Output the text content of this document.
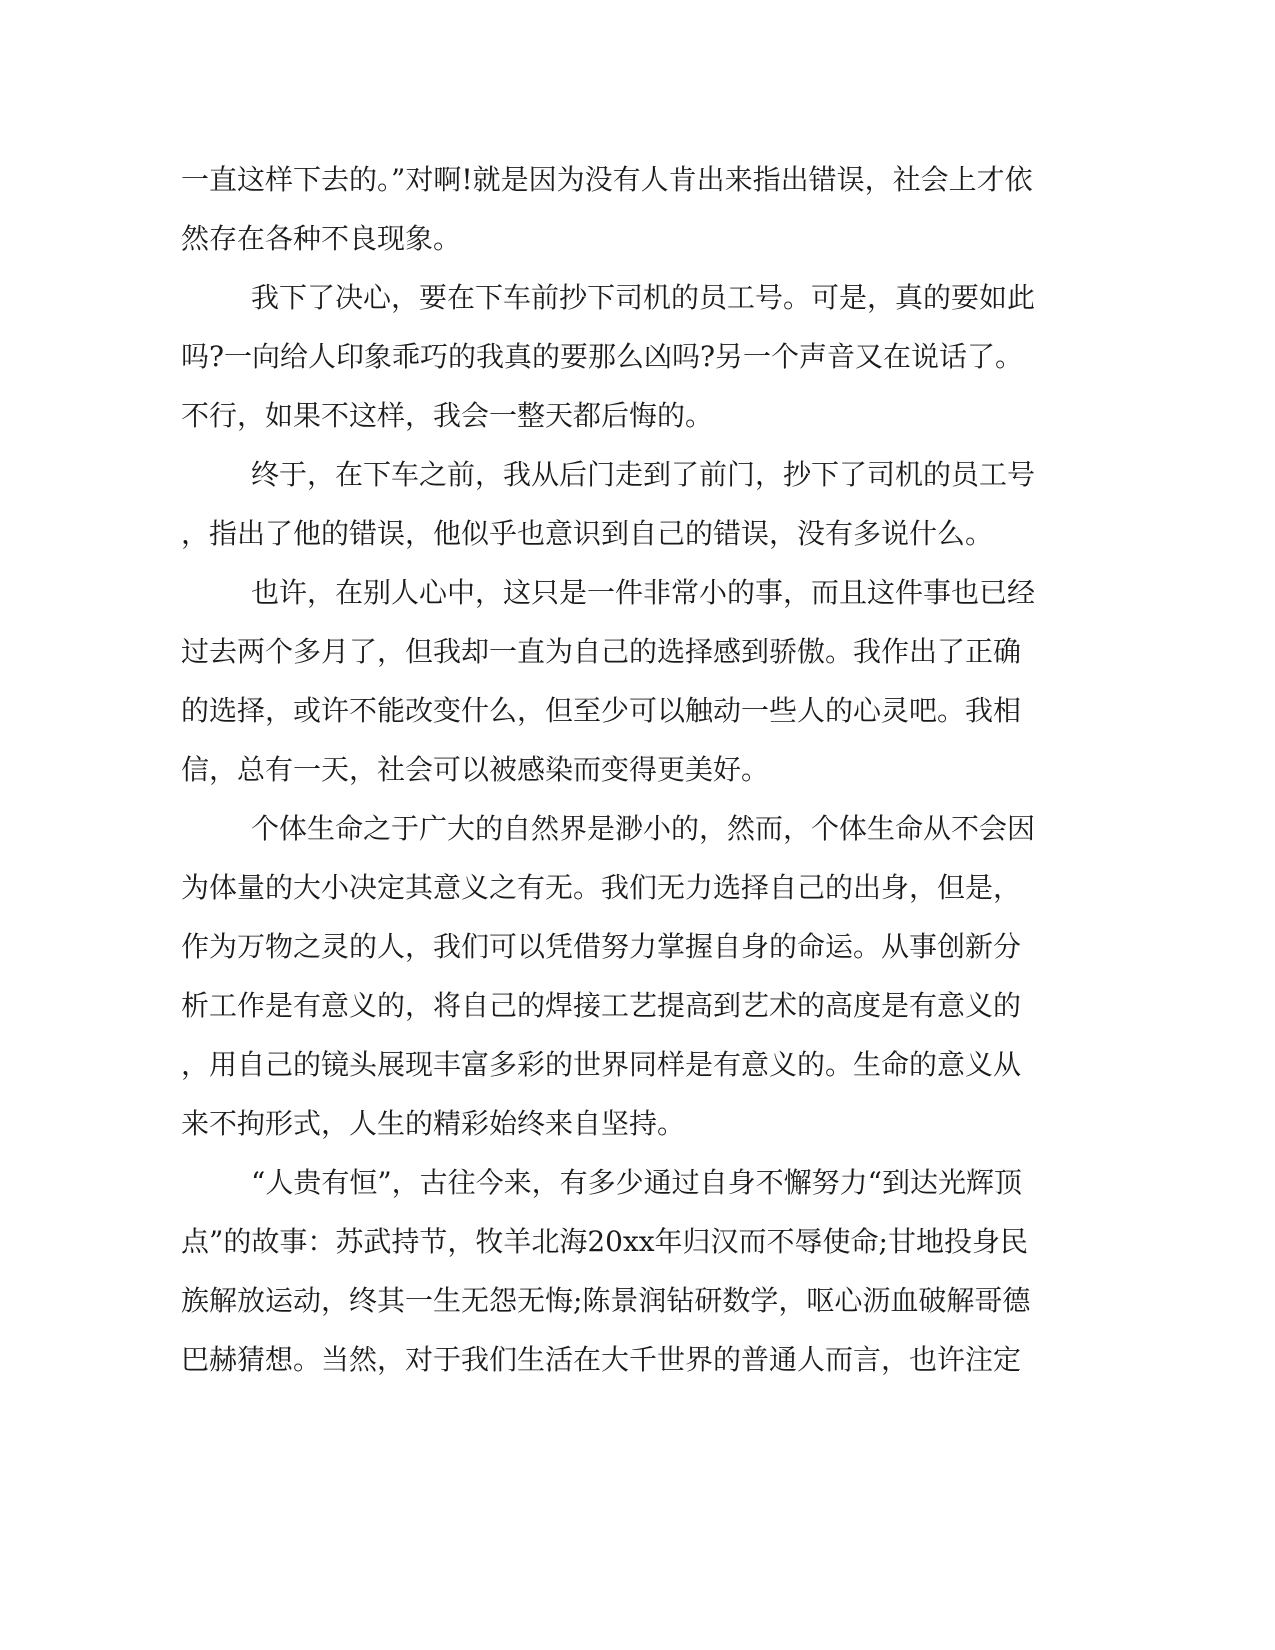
一直这样下去的。”对啊!就是因为没有人肯出来指出错误，社会上才依
然存在各种不良现象。
我下了决心，要在下车前抄下司机的员工号。可是，真的要如此
吗?一向给人印象乖巧的我真的要那么凶吗?另一个声音又在说话了。
不行，如果不这样，我会一整天都后悔的。
终于，在下车之前，我从后门走到了前门，抄下了司机的员工号
，指出了他的错误，他似乎也意识到自己的错误，没有多说什么。
也许，在别人心中，这只是一件非常小的事，而且这件事也已经
过去两个多月了，但我却一直为自己的选择感到骄傲。我作出了正确
的选择，或许不能改变什么，但至少可以触动一些人的心灵吧。我相
信，总有一天，社会可以被感染而变得更美好。
个体生命之于广大的自然界是渺小的，然而，个体生命从不会因
为体量的大小决定其意义之有无。我们无力选择自己的出身，但是，
作为万物之灵的人，我们可以凭借努力掌握自身的命运。从事创新分
析工作是有意义的，将自己的焊接工艺提高到艺术的高度是有意义的
，用自己的镜头展现丰富多彩的世界同样是有意义的。生命的意义从
来不拘形式，人生的精彩始终来自坚持。
“人贵有恒”，古往今来，有多少通过自身不懈努力“到达光辉顶
点”的故事：苏武持节，牧羊北海20xx年归汉而不辱使命;甘地投身民
族解放运动，终其一生无怨无悔;陈景润钻研数学，呕心沥血破解哥德
巴赫猜想。当然，对于我们生活在大千世界的普通人而言，也许注定
